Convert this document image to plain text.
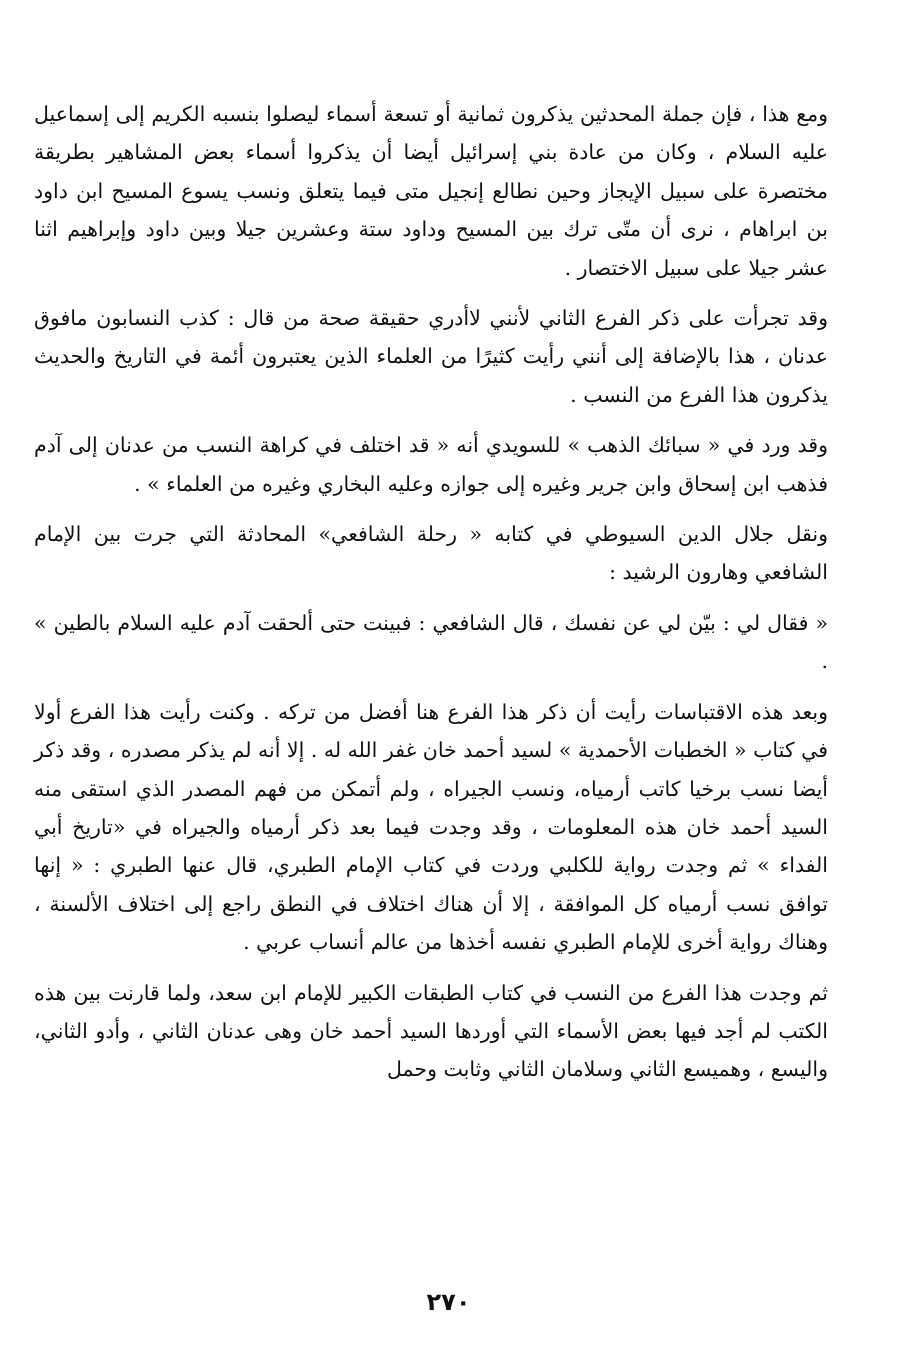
ومع هذا ، فإن جملة المحدثين يذكرون ثمانية أو تسعة أسماء ليصلوا بنسبه الكريم إلى إسماعيل عليه السلام ، وكان من عادة بني إسرائيل أيضا أن يذكروا أسماء بعض المشاهير بطريقة مختصرة على سبيل الإيجاز وحين نطالع إنجيل متى فيما يتعلق ونسب يسوع المسيح ابن داود بن ابراهام ، نرى أن متّى ترك بين المسيح وداود ستة وعشرين جيلا وبين داود وإبراهيم اثنا عشر جيلا على سبيل الاختصار .

وقد تجرأت على ذكر الفرع الثاني لأنني لاأدري حقيقة صحة من قال : كذب النسابون مافوق عدنان ، هذا بالإضافة إلى أنني رأيت كثيرًا من العلماء الذين يعتبرون أئمة في التاريخ والحديث يذكرون هذا الفرع من النسب .

وقد ورد في « سبائك الذهب » للسويدي أنه « قد اختلف في كراهة النسب من عدنان إلى آدم فذهب ابن إسحاق وابن جرير وغيره إلى جوازه وعليه البخاري وغيره من العلماء » .

ونقل جلال الدين السيوطي في كتابه « رحلة الشافعي» المحادثة التي جرت بين الإمام الشافعي وهارون الرشيد :

« فقال لي : بيّن لي عن نفسك ، قال الشافعي : فبينت حتى ألحقت آدم عليه السلام بالطين » .

وبعد هذه الاقتباسات رأيت أن ذكر هذا الفرع هنا أفضل من تركه . وكنت رأيت هذا الفرع أولا في كتاب « الخطبات الأحمدية » لسيد أحمد خان غفر الله له . إلا أنه لم يذكر مصدره ، وقد ذكر أيضا نسب برخيا كاتب أرمياه، ونسب الجيراه ، ولم أتمكن من فهم المصدر الذي استقى منه السيد أحمد خان هذه المعلومات ، وقد وجدت فيما بعد ذكر أرمياه والجيراه في «تاريخ أبي الفداء » ثم وجدت رواية للكلبي وردت في كتاب الإمام الطبري، قال عنها الطبري : « إنها توافق نسب أرمياه كل الموافقة ، إلا أن هناك اختلاف في النطق راجع إلى اختلاف الألسنة ، وهناك رواية أخرى للإمام الطبري نفسه أخذها من عالم أنساب عربي .

ثم وجدت هذا الفرع من النسب في كتاب الطبقات الكبير للإمام ابن سعد، ولما قارنت بين هذه الكتب لم أجد فيها بعض الأسماء التي أوردها السيد أحمد خان وهى عدنان الثاني ، وأدو الثاني، واليسع ، وهميسع الثاني وسلامان الثاني وثابت وحمل

٢٧٠
